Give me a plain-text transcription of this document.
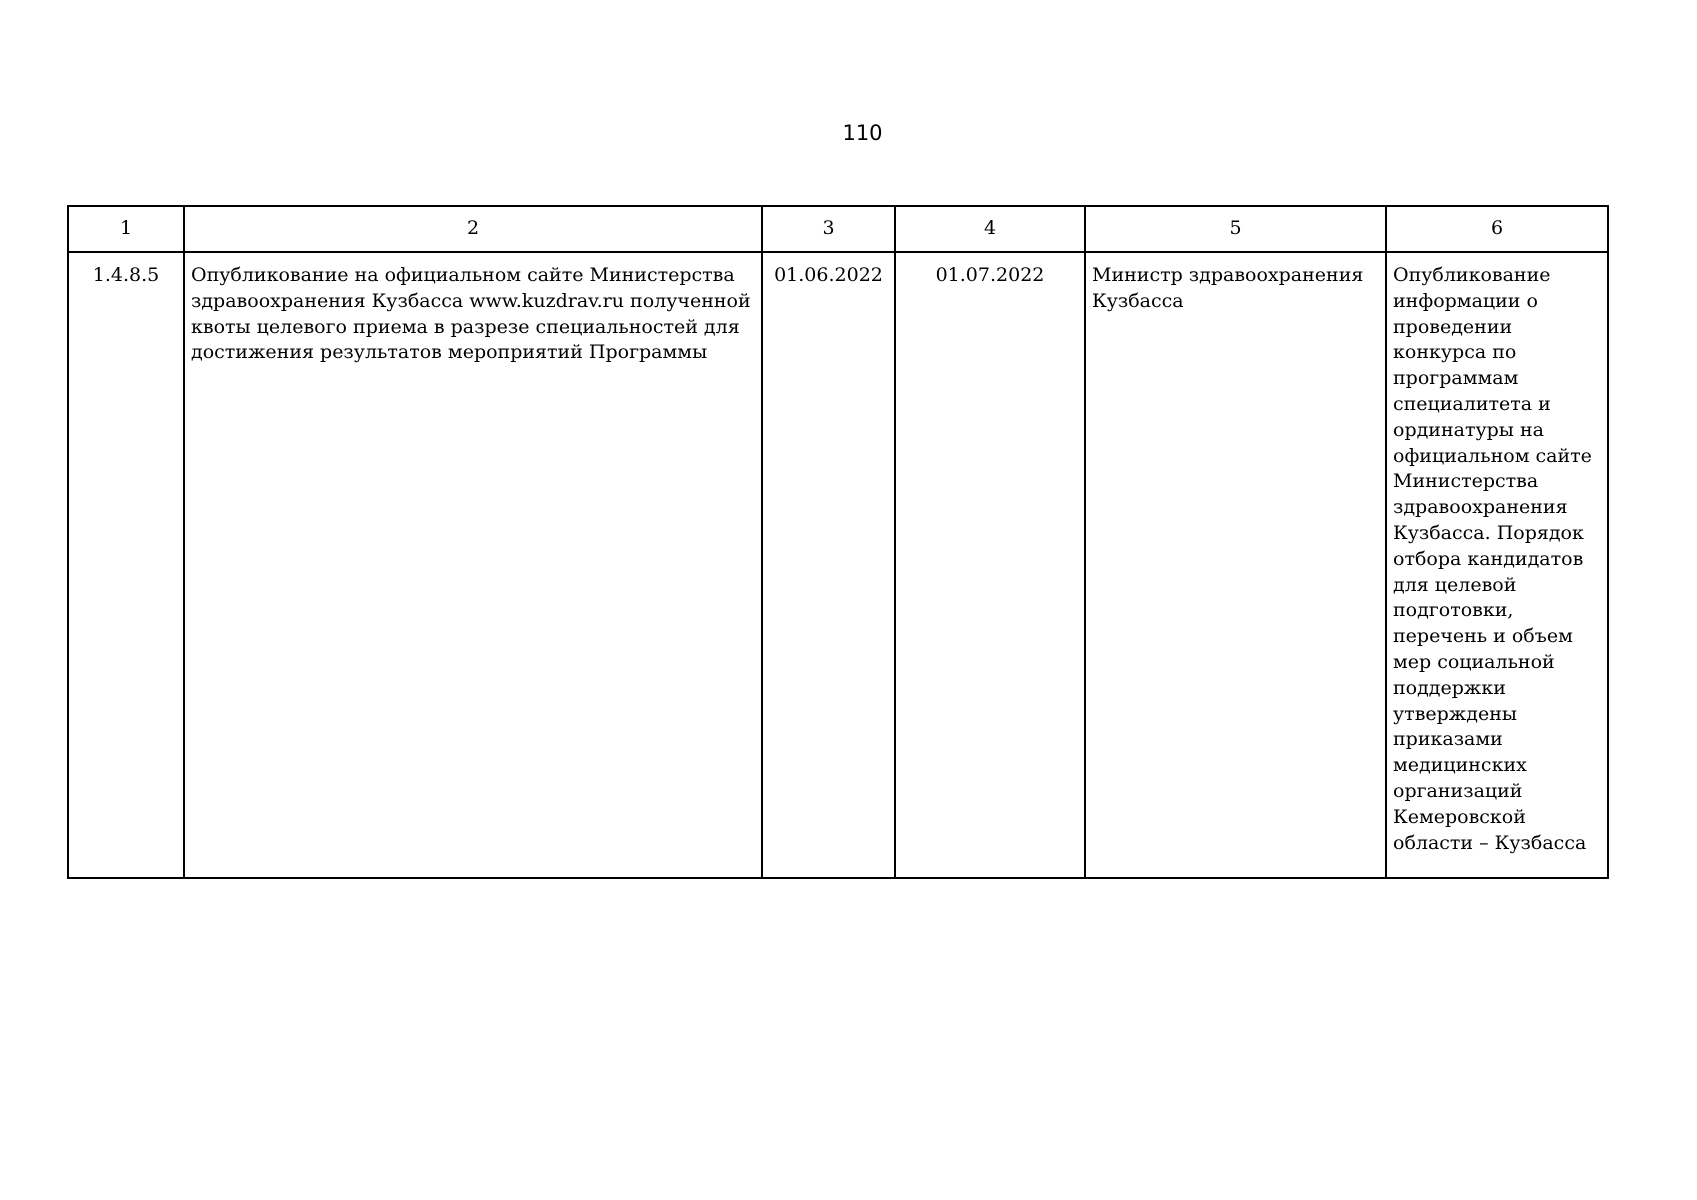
110
1	2	3	4	5	6
1.4.8.5	Опубликование на официальном сайте Министерства здравоохранения Кузбасса www.kuzdrav.ru полученной квоты целевого приема в разрезе специальностей для достижения результатов мероприятий Программы	01.06.2022	01.07.2022	Министр здравоохранения Кузбасса	Опубликование информации о проведении конкурса по программам специалитета и ординатуры на официальном сайте Министерства здравоохранения Кузбасса. Порядок отбора кандидатов для целевой подготовки, перечень и объем мер социальной поддержки утверждены приказами медицинских организаций Кемеровской области – Кузбасса
